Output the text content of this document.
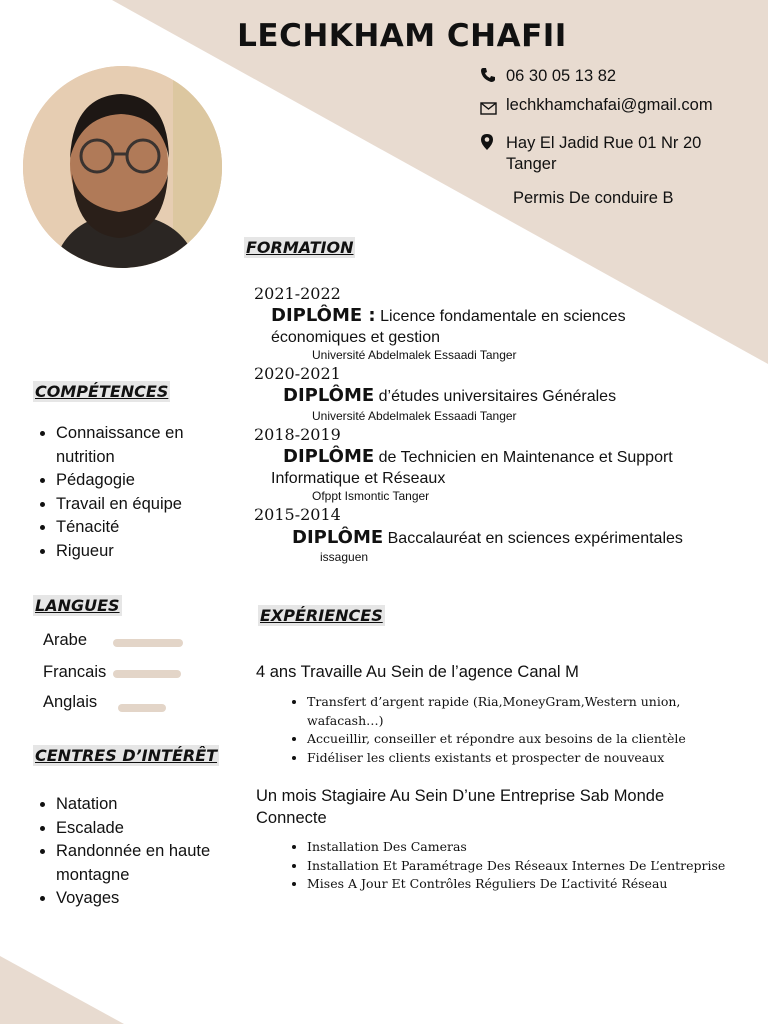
LECHKHAM CHAFII
06 30 05 13 82
lechkhamchafai@gmail.com
Hay El Jadid Rue 01 Nr 20
Tanger
Permis De conduire B
FORMATION
2021-2022
DIPLÔME : Licence fondamentale en sciences économiques et gestion
Université Abdelmalek Essaadi Tanger
2020-2021
DIPLÔME d’études universitaires Générales
Université Abdelmalek Essaadi Tanger
2018-2019
DIPLÔME de Technicien en Maintenance et Support Informatique et Réseaux
Ofppt Ismontic Tanger
2015-2014
DIPLÔME Baccalauréat en sciences expérimentales
issaguen
COMPÉTENCES
• Connaissance en nutrition
• Pédagogie
• Travail en équipe
• Ténacité
• Rigueur
LANGUES
Arabe
Francais
Anglais
CENTRES D’INTÉRÊT
• Natation
• Escalade
• Randonnée en haute montagne
• Voyages
EXPÉRIENCES
4 ans Travaille Au Sein de l’agence Canal M
• Transfert d’argent rapide (Ria,MoneyGram,Western union, wafacash…)
• Accueillir, conseiller et répondre aux besoins de la clientèle
• Fidéliser les clients existants et prospecter de nouveaux
Un mois Stagiaire Au Sein D’une Entreprise Sab Monde Connecte
• Installation Des Cameras
• Installation Et Paramétrage Des Réseaux Internes De L’entreprise
• Mises A Jour Et Contrôles Réguliers De L’activité Réseau
